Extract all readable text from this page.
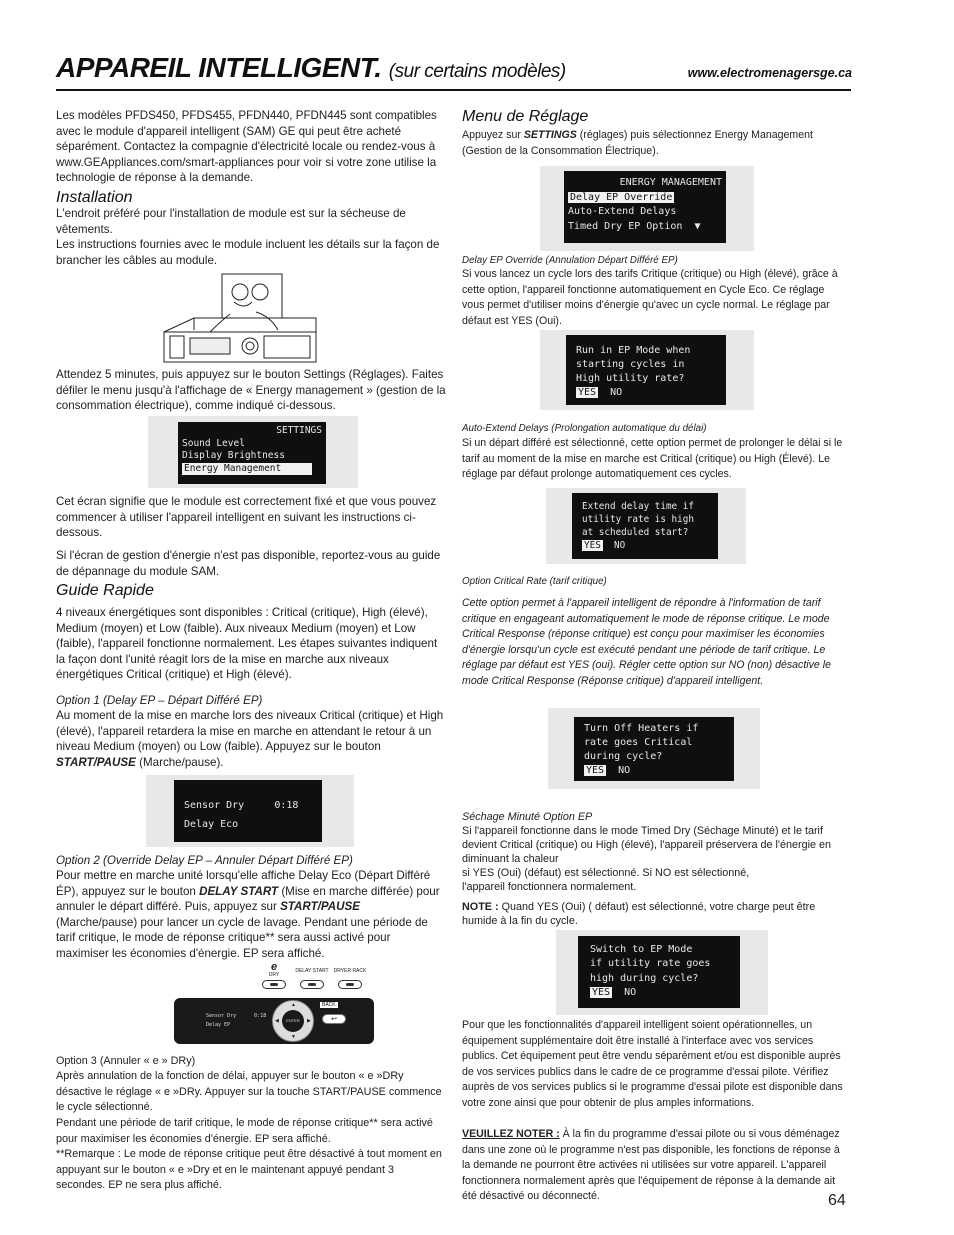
APPAREIL INTELLIGENT. (sur certains modèles)	www.electromenagersge.ca
Les modèles PFDS450, PFDS455, PFDN440, PFDN445 sont compatibles avec le module d'appareil intelligent (SAM) GE qui peut être acheté séparément. Contactez la compagnie d'électricité locale ou rendez-vous à www.GEAppliances.com/smart-appliances pour voir si votre zone utilise la technologie de réponse à la demande.
Installation
L'endroit préféré pour l'installation de module est sur la sécheuse de vêtements.
Les instructions fournies avec le module incluent les détails sur la façon de brancher les câbles au module.
Attendez 5 minutes, puis appuyez sur le bouton Settings (Réglages). Faites défiler le menu jusqu'à l'affichage de « Energy management » (gestion de la consommation électrique), comme indiqué ci-dessous.
SETTINGS
Sound Level
Display Brightness
Energy Management
Cet écran signifie que le module est correctement fixé et que vous pouvez commencer à utiliser l'appareil intelligent en suivant les instructions ci-dessous.
Si l'écran de gestion d'énergie n'est pas disponible, reportez-vous au guide de dépannage du module SAM.
Guide Rapide
4 niveaux énergétiques sont disponibles : Critical (critique), High (élevé), Medium (moyen) et Low (faible). Aux niveaux Medium (moyen) et Low (faible), l'appareil fonctionne normalement. Les étapes suivantes indiquent la façon dont l'unité réagit lors de la mise en marche aux niveaux énergétiques Critical (critique) et High (élevé).
Option 1 (Delay EP – Départ Différé EP)
Au moment de la mise en marche lors des niveaux Critical (critique) et High (élevé), l'appareil retardera la mise en marche en attendant le retour à un niveau Medium (moyen) ou Low (faible). Appuyez sur le bouton START/PAUSE (Marche/pause).
Sensor Dry	0:18
Delay Eco
Option 2 (Override Delay EP – Annuler Départ Différé EP)
Pour mettre en marche unité lorsqu'elle affiche Delay Eco (Départ Différé ÉP), appuyez sur le bouton DELAY START (Mise en marche différée) pour annuler le départ différé. Puis, appuyez sur START/PAUSE (Marche/pause) pour lancer un cycle de lavage. Pendant une période de tarif critique, le mode de réponse critique** sera aussi activé pour maximiser les économies d'énergie. EP sera affiché.
e
DRY
DELAY START	DRYER RACK
Sensor Dry	0:18
Delay EP
ENTER
▲
▼
◀	▶
BACK
↩
Option 3 (Annuler « e » DRy)
Après annulation de la fonction de délai, appuyer sur le bouton « e »DRy désactive le réglage « e »DRy. Appuyer sur la touche START/PAUSE commence le cycle sélectionné.
Pendant une période de tarif critique, le mode de réponse critique** sera activé pour maximiser les économies d'énergie. EP sera affiché.
**Remarque : Le mode de réponse critique peut être désactivé à tout moment en appuyant sur le bouton « e »Dry et en le maintenant appuyé pendant 3 secondes. EP ne sera plus affiché.
Menu de Réglage
Appuyez sur SETTINGS (réglages) puis sélectionnez Energy Management (Gestion de la Consommation Électrique).
ENERGY MANAGEMENT
Delay EP Override
Auto-Extend Delays
Timed Dry EP Option ▼
Delay EP Override (Annulation Départ Différé EP)
Si vous lancez un cycle lors des tarifs Critique (critique) ou High (élevé), grâce à cette option, l'appareil fonctionne automatiquement en Cycle Eco. Ce réglage vous permet d'utiliser moins d'énergie qu'avec un cycle normal. Le réglage par défaut est YES (Oui).
Run in EP Mode when
starting cycles in
High utility rate?
YES NO
Auto-Extend Delays (Prolongation automatique du délai)
Si un départ différé est sélectionné, cette option permet de prolonger le délai si le tarif au moment de la mise en marche est Critical (critique) ou High (Élevé). Le réglage par défaut prolonge automatiquement ces cycles.
Extend delay time if
utility rate is high
at scheduled start?
YES NO
Option Critical Rate (tarif critique)
Cette option permet à l'appareil intelligent de répondre à l'information de tarif critique en engageant automatiquement le mode de réponse critique. Le mode Critical Response (réponse critique) est conçu pour maximiser les économies d'énergie lorsqu'un cycle est exécuté pendant une période de tarif critique. Le réglage par défaut est YES (oui). Régler cette option sur NO (non) désactive le mode Critical Response (Réponse critique) d'appareil intelligent.
Turn Off Heaters if
rate goes Critical
during cycle?
YES NO
Séchage Minuté Option EP
Si l'appareil fonctionne dans le mode Timed Dry (Séchage Minuté) et le tarif devient Critical (critique) ou High (élevé), l'appareil préservera de l'énergie en diminuant la chaleur
si YES (Oui) (défaut) est sélectionné. Si NO est sélectionné, l'appareil fonctionnera normalement.
NOTE : Quand YES (Oui) ( défaut) est sélectionné, votre charge peut être humide à la fin du cycle.
Switch to EP Mode
if utility rate goes
high during cycle?
YES NO
Pour que les fonctionnalités d'appareil intelligent soient opérationnelles, un équipement supplémentaire doit être installé à l'interface avec vos services publics. Cet équipement peut être vendu séparément et/ou est disponible auprès de vos services publics dans le cadre de ce programme d'essai pilote. Vérifiez auprès de vos services publics si le programme d'essai pilote est disponible dans votre zone ainsi que pour obtenir de plus amples informations.
VEUILLEZ NOTER : À la fin du programme d'essai pilote ou si vous déménagez dans une zone où le programme n'est pas disponible, les fonctions de réponse à la demande ne pourront être activées ni utilisées sur votre appareil. L'appareil fonctionnera normalement après que l'équipement de réponse à la demande ait été désactivé ou déconnecté.	64
